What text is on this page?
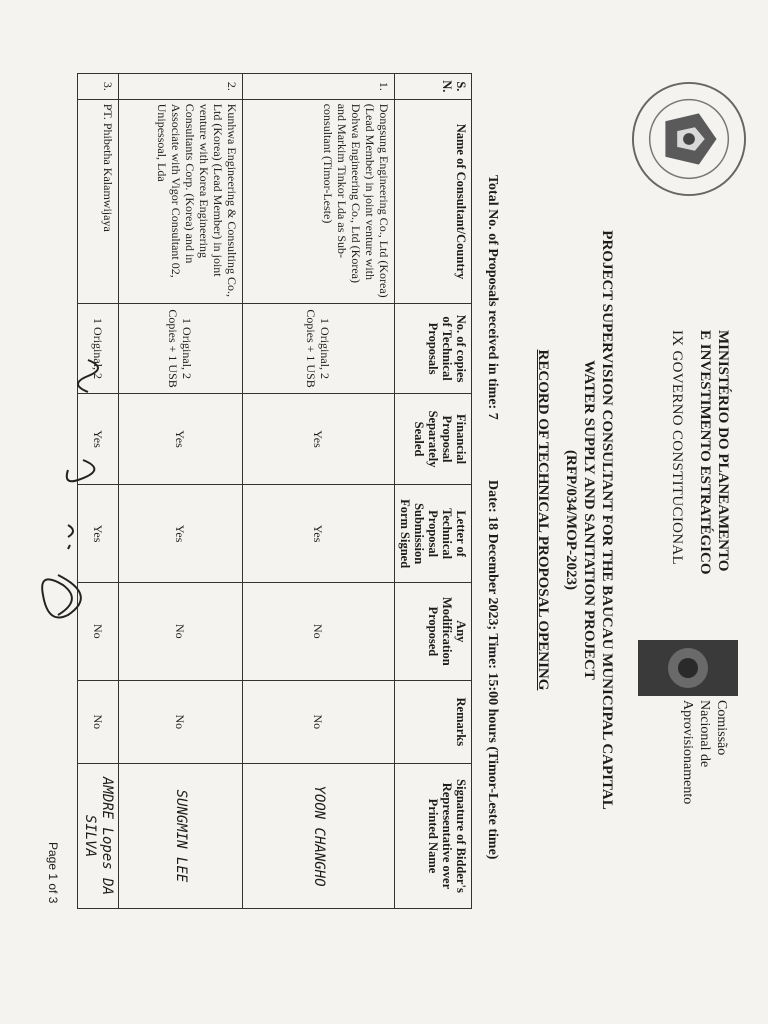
MINISTÉRIO DO PLANEAMENTO
E INVESTIMENTO ESTRATÉGICO
IX GOVERNO CONSTITUCIONAL
Comissão
Nacional de
Aprovisionamento
PROJECT SUPERVISION CONSULTANT FOR THE BAUCAU MUNICIPAL CAPITAL
WATER SUPPLY AND SANITATION PROJECT
(RFP/034/MOP-2023)
RECORD OF TECHNICAL PROPOSAL OPENING
Total No. of Proposals received in time: 7
Date: 18 December 2023; Time: 15:00 hours (Timor-Leste time)
S. N.	Name of Consultant/Country	No. of copies of Technical Proposals	Financial Proposal Separately Sealed	Letter of Technical Proposal Submission Form Signed	Any Modification Proposed	Remarks	Signature of Bidder's Representative over Printed Name
1.	Dongsung Engineering Co., Ltd (Korea) (Lead Member) in joint venture with Dohwa Engineering Co., Ltd (Korea) and Markim Tinkor Lda as Sub-consultant (Timor-Leste)	1 Original, 2 Copies + 1 USB	Yes	Yes	No	No	YOON CHANGHO
2.	Kunhwa Engineering & Consulting Co., Ltd (Korea) (Lead Member) in joint venture with Korea Engineering Consultants Corp. (Korea) and in Associate with Vigor Consultant 02, Unipessoal, Lda	1 Original, 2 Copies + 1 USB	Yes	Yes	No	No	SUNGMIN LEE
3.	PT. Phibetha Kalamwijaya	1 Original, 2	Yes	Yes	No	No	AMDRE Lopes DA SILVA
Page 1 of 3
